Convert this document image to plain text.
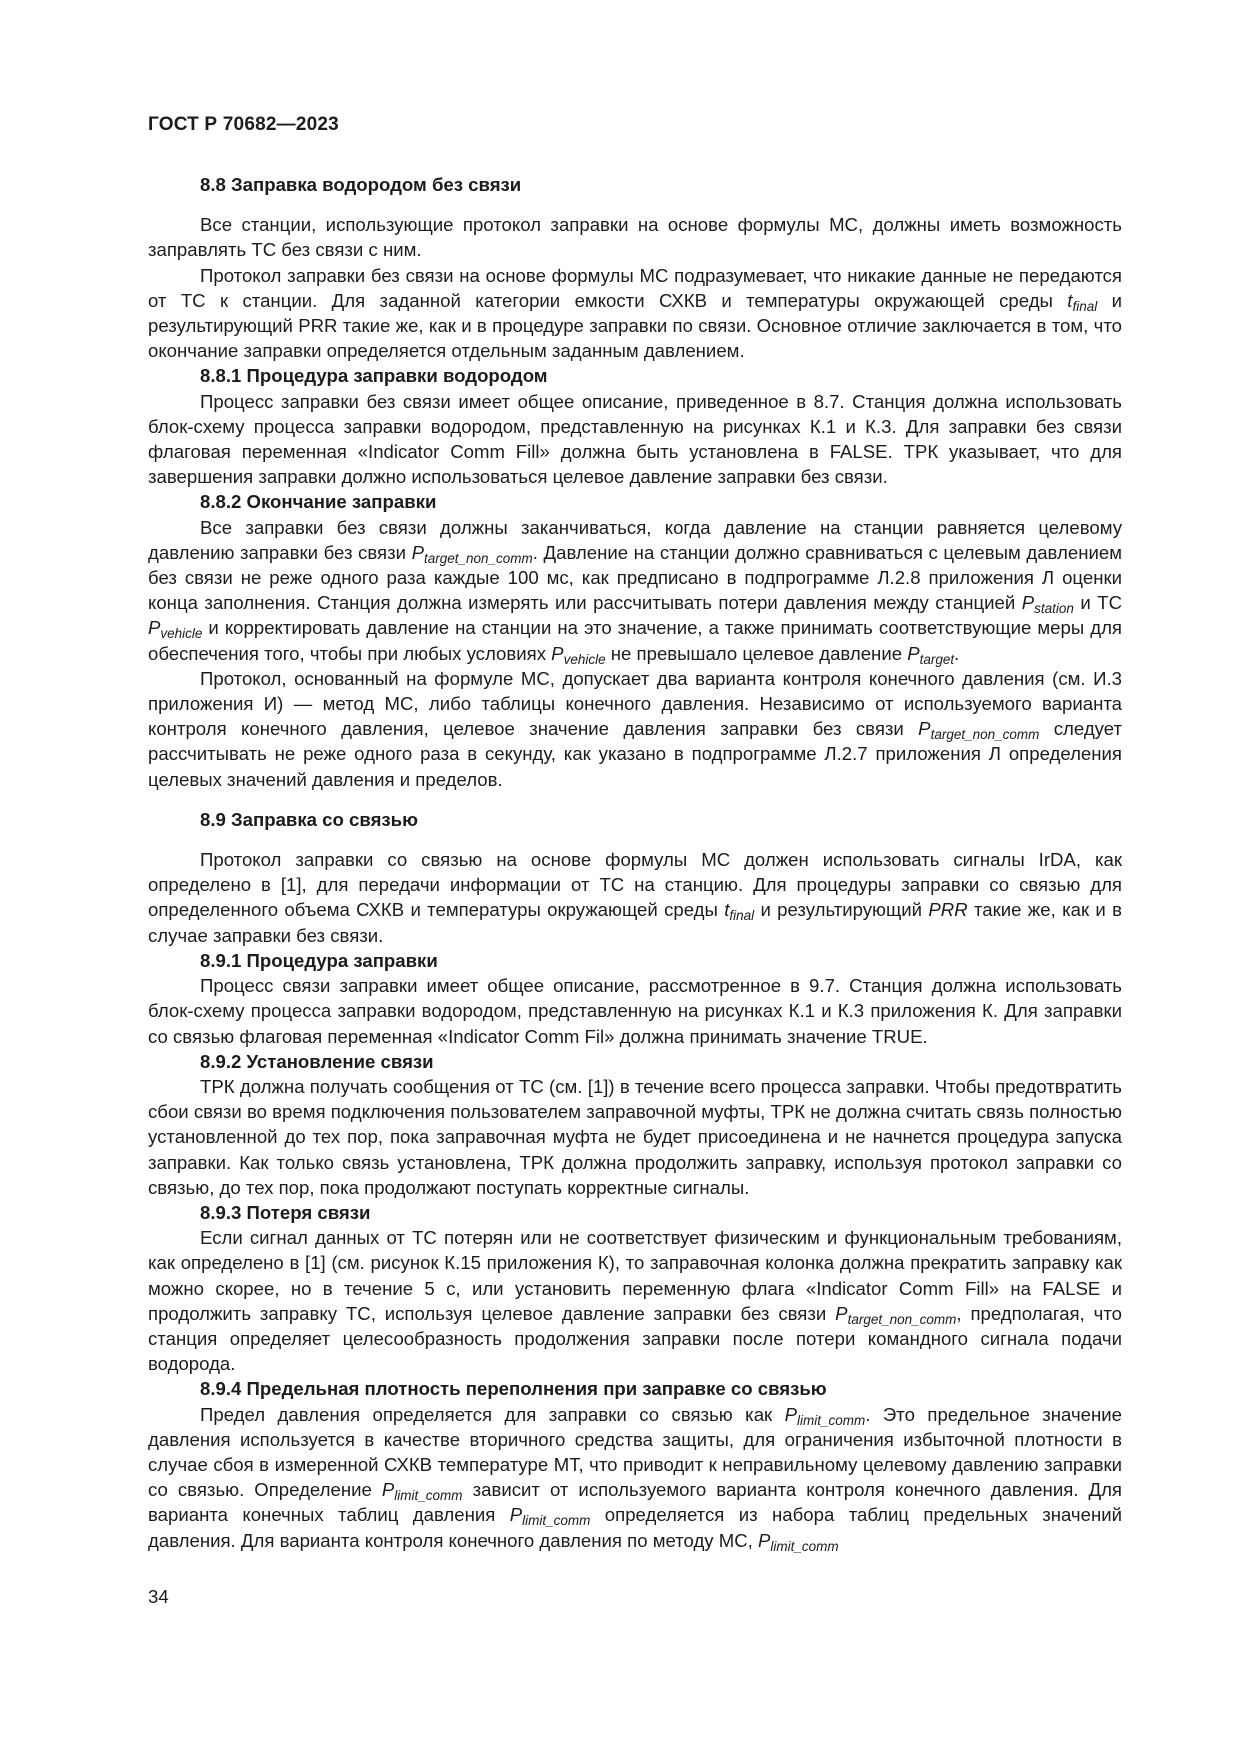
ГОСТ Р 70682—2023
8.8 Заправка водородом без связи

Все станции, использующие протокол заправки на основе формулы МС, должны иметь возможность заправлять ТС без связи с ним.

Протокол заправки без связи на основе формулы МС подразумевает, что никакие данные не передаются от ТС к станции. Для заданной категории емкости СХКВ и температуры окружающей среды $t_{final}$ и результирующий PRR такие же, как и в процедуре заправки по связи. Основное отличие заключается в том, что окончание заправки определяется отдельным заданным давлением.

8.8.1 Процедура заправки водородом

Процесс заправки без связи имеет общее описание, приведенное в 8.7. Станция должна использовать блок-схему процесса заправки водородом, представленную на рисунках К.1 и К.3. Для заправки без связи флаговая переменная «Indicator Comm Fill» должна быть установлена в FALSE. ТРК указывает, что для завершения заправки должно использоваться целевое давление заправки без связи.

8.8.2 Окончание заправки

Все заправки без связи должны заканчиваться, когда давление на станции равняется целевому давлению заправки без связи $P_{target\_non\_comm}$. Давление на станции должно сравниваться с целевым давлением без связи не реже одного раза каждые 100 мс, как предписано в подпрограмме Л.2.8 приложения Л оценки конца заполнения. Станция должна измерять или рассчитывать потери давления между станцией $P_{station}$ и ТС $P_{vehicle}$ и корректировать давление на станции на это значение, а также принимать соответствующие меры для обеспечения того, чтобы при любых условиях $P_{vehicle}$ не превышало целевое давление $P_{target}$.

Протокол, основанный на формуле МС, допускает два варианта контроля конечного давления (см. И.3 приложения И) — метод МС, либо таблицы конечного давления. Независимо от используемого варианта контроля конечного давления, целевое значение давления заправки без связи $P_{target\_non\_comm}$ следует рассчитывать не реже одного раза в секунду, как указано в подпрограмме Л.2.7 приложения Л определения целевых значений давления и пределов.

8.9 Заправка со связью

Протокол заправки со связью на основе формулы МС должен использовать сигналы IrDA, как определено в [1], для передачи информации от ТС на станцию. Для процедуры заправки со связью для определенного объема СХКВ и температуры окружающей среды $t_{final}$ и результирующий PRR такие же, как и в случае заправки без связи.

8.9.1 Процедура заправки

Процесс связи заправки имеет общее описание, рассмотренное в 9.7. Станция должна использовать блок-схему процесса заправки водородом, представленную на рисунках К.1 и К.3 приложения К. Для заправки со связью флаговая переменная «Indicator Comm Fil» должна принимать значение TRUE.

8.9.2 Установление связи

ТРК должна получать сообщения от ТС (см. [1]) в течение всего процесса заправки. Чтобы предотвратить сбои связи во время подключения пользователем заправочной муфты, ТРК не должна считать связь полностью установленной до тех пор, пока заправочная муфта не будет присоединена и не начнется процедура запуска заправки. Как только связь установлена, ТРК должна продолжить заправку, используя протокол заправки со связью, до тех пор, пока продолжают поступать корректные сигналы.

8.9.3 Потеря связи

Если сигнал данных от ТС потерян или не соответствует физическим и функциональным требованиям, как определено в [1] (см. рисунок К.15 приложения К), то заправочная колонка должна прекратить заправку как можно скорее, но в течение 5 с, или установить переменную флага «Indicator Comm Fill» на FALSE и продолжить заправку ТС, используя целевое давление заправки без связи $P_{target\_non\_comm}$, предполагая, что станция определяет целесообразность продолжения заправки после потери командного сигнала подачи водорода.

8.9.4 Предельная плотность переполнения при заправке со связью

Предел давления определяется для заправки со связью как $P_{limit\_comm}$. Это предельное значение давления используется в качестве вторичного средства защиты, для ограничения избыточной плотности в случае сбоя в измеренной СХКВ температуре МТ, что приводит к неправильному целевому давлению заправки со связью. Определение $P_{limit\_comm}$ зависит от используемого варианта контроля конечного давления. Для варианта конечных таблиц давления $P_{limit\_comm}$ определяется из набора таблиц предельных значений давления. Для варианта контроля конечного давления по методу МС, $P_{limit\_comm}$

34
